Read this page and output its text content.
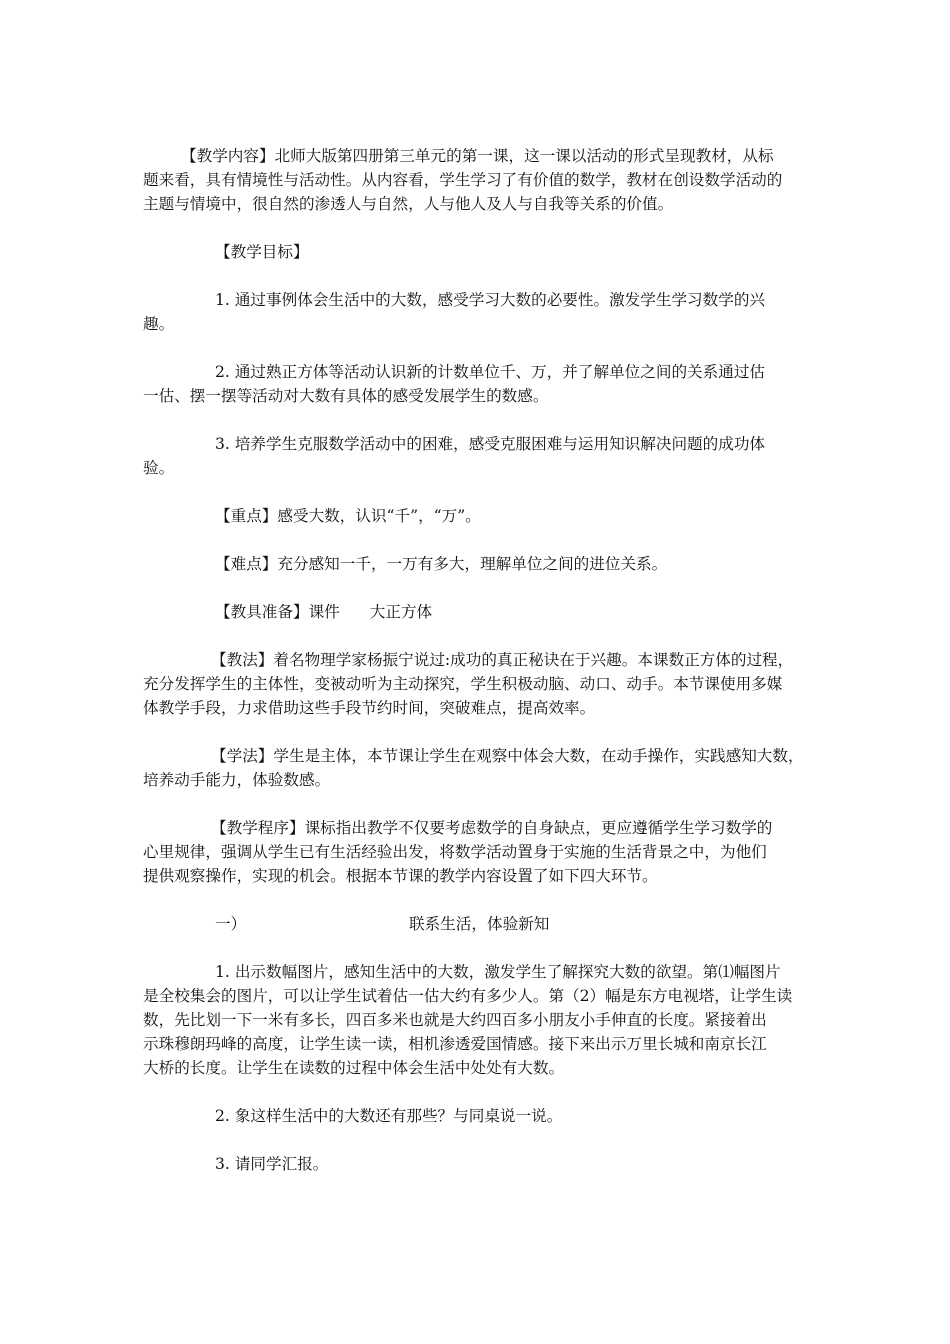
【教学内容】北师大版第四册第三单元的第一课，这一课以活动的形式呈现教材，从标
题来看，具有情境性与活动性。从内容看，学生学习了有价值的数学，教材在创设数学活动的
主题与情境中，很自然的渗透人与自然，人与他人及人与自我等关系的价值。
【教学目标】
1. 通过事例体会生活中的大数，感受学习大数的必要性。激发学生学习数学的兴
趣。
2. 通过熟正方体等活动认识新的计数单位千、万，并了解单位之间的关系通过估
一估、摆一摆等活动对大数有具体的感受发展学生的数感。
3. 培养学生克服数学活动中的困难，感受克服困难与运用知识解决问题的成功体
验。
【重点】感受大数，认识“千”，“万”。
【难点】充分感知一千，一万有多大，理解单位之间的进位关系。
【教具准备】课件 大正方体
【教法】着名物理学家杨振宁说过:成功的真正秘诀在于兴趣。本课数正方体的过程，
充分发挥学生的主体性，变被动听为主动探究，学生积极动脑、动口、动手。本节课使用多媒
体教学手段，力求借助这些手段节约时间，突破难点，提高效率。
【学法】学生是主体，本节课让学生在观察中体会大数，在动手操作，实践感知大数，
培养动手能力，体验数感。
【教学程序】课标指出教学不仅要考虑数学的自身缺点，更应遵循学生学习数学的
心里规律，强调从学生已有生活经验出发，将数学活动置身于实施的生活背景之中，为他们
提供观察操作，实现的机会。根据本节课的教学内容设置了如下四大环节。
一）	联系生活，体验新知
1. 出示数幅图片，感知生活中的大数，激发学生了解探究大数的欲望。第⑴幅图片
是全校集会的图片，可以让学生试着估一估大约有多少人。第（2）幅是东方电视塔，让学生读
数，先比划一下一米有多长，四百多米也就是大约四百多小朋友小手伸直的长度。紧接着出
示珠穆朗玛峰的高度，让学生读一读，相机渗透爱国情感。接下来出示万里长城和南京长江
大桥的长度。让学生在读数的过程中体会生活中处处有大数。
2. 象这样生活中的大数还有那些？与同桌说一说。
3. 请同学汇报。
